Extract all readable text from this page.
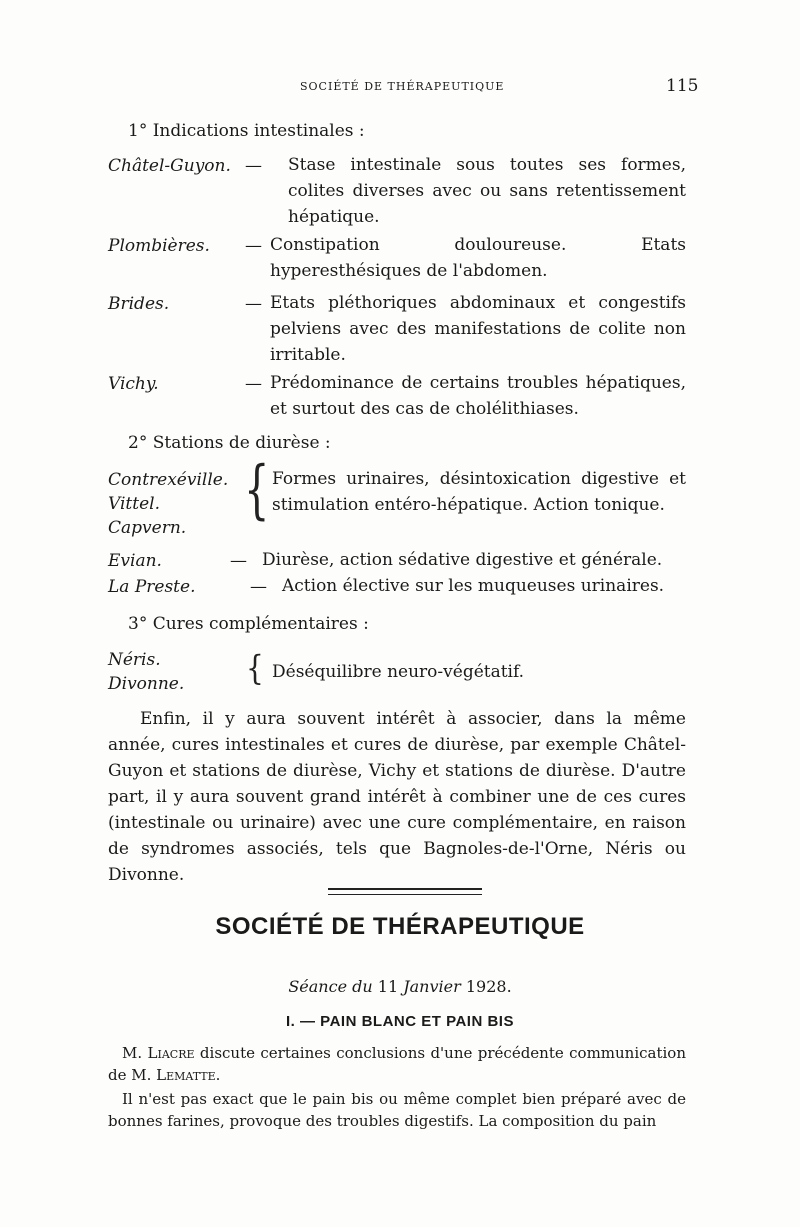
SOCIÉTÉ DE THÉRAPEUTIQUE	115
1° Indications intestinales :
Châtel-Guyon. — Stase intestinale sous toutes ses formes, colites diverses avec ou sans retentissement hépatique.
Plombières. — Constipation douloureuse. Etats hyperesthésiques de l'abdomen.
Brides.	— Etats pléthoriques abdominaux et congestifs pelviens avec des manifestations de colite non irritable.
Vichy.	— Prédominance de certains troubles hépatiques, et surtout des cas de cholélithiases.
2° Stations de diurèse :
Contrexéville.
Vittel.
Capvern.
{ Formes urinaires, désintoxication digestive et stimulation entéro-hépatique. Action tonique.
Evian.	— Diurèse, action sédative digestive et générale.
La Preste.	— Action élective sur les muqueuses urinaires.
3° Cures complémentaires :
Néris.
Divonne. { Déséquilibre neuro-végétatif.
Enfin, il y aura souvent intérêt à associer, dans la même année, cures intestinales et cures de diurèse, par exemple Châtel-Guyon et stations de diurèse, Vichy et stations de diurèse. D'autre part, il y aura souvent grand intérêt à combiner une de ces cures (intestinale ou urinaire) avec une cure complémentaire, en raison de syndromes associés, tels que Bagnoles-de-l'Orne, Néris ou Divonne.
SOCIÉTÉ DE THÉRAPEUTIQUE
Séance du 11 Janvier 1928.
I. — PAIN BLANC ET PAIN BIS
M. Liacre discute certaines conclusions d'une précédente communication de M. Lematte.
Il n'est pas exact que le pain bis ou même complet bien préparé avec de bonnes farines, provoque des troubles digestifs. La composition du pain
